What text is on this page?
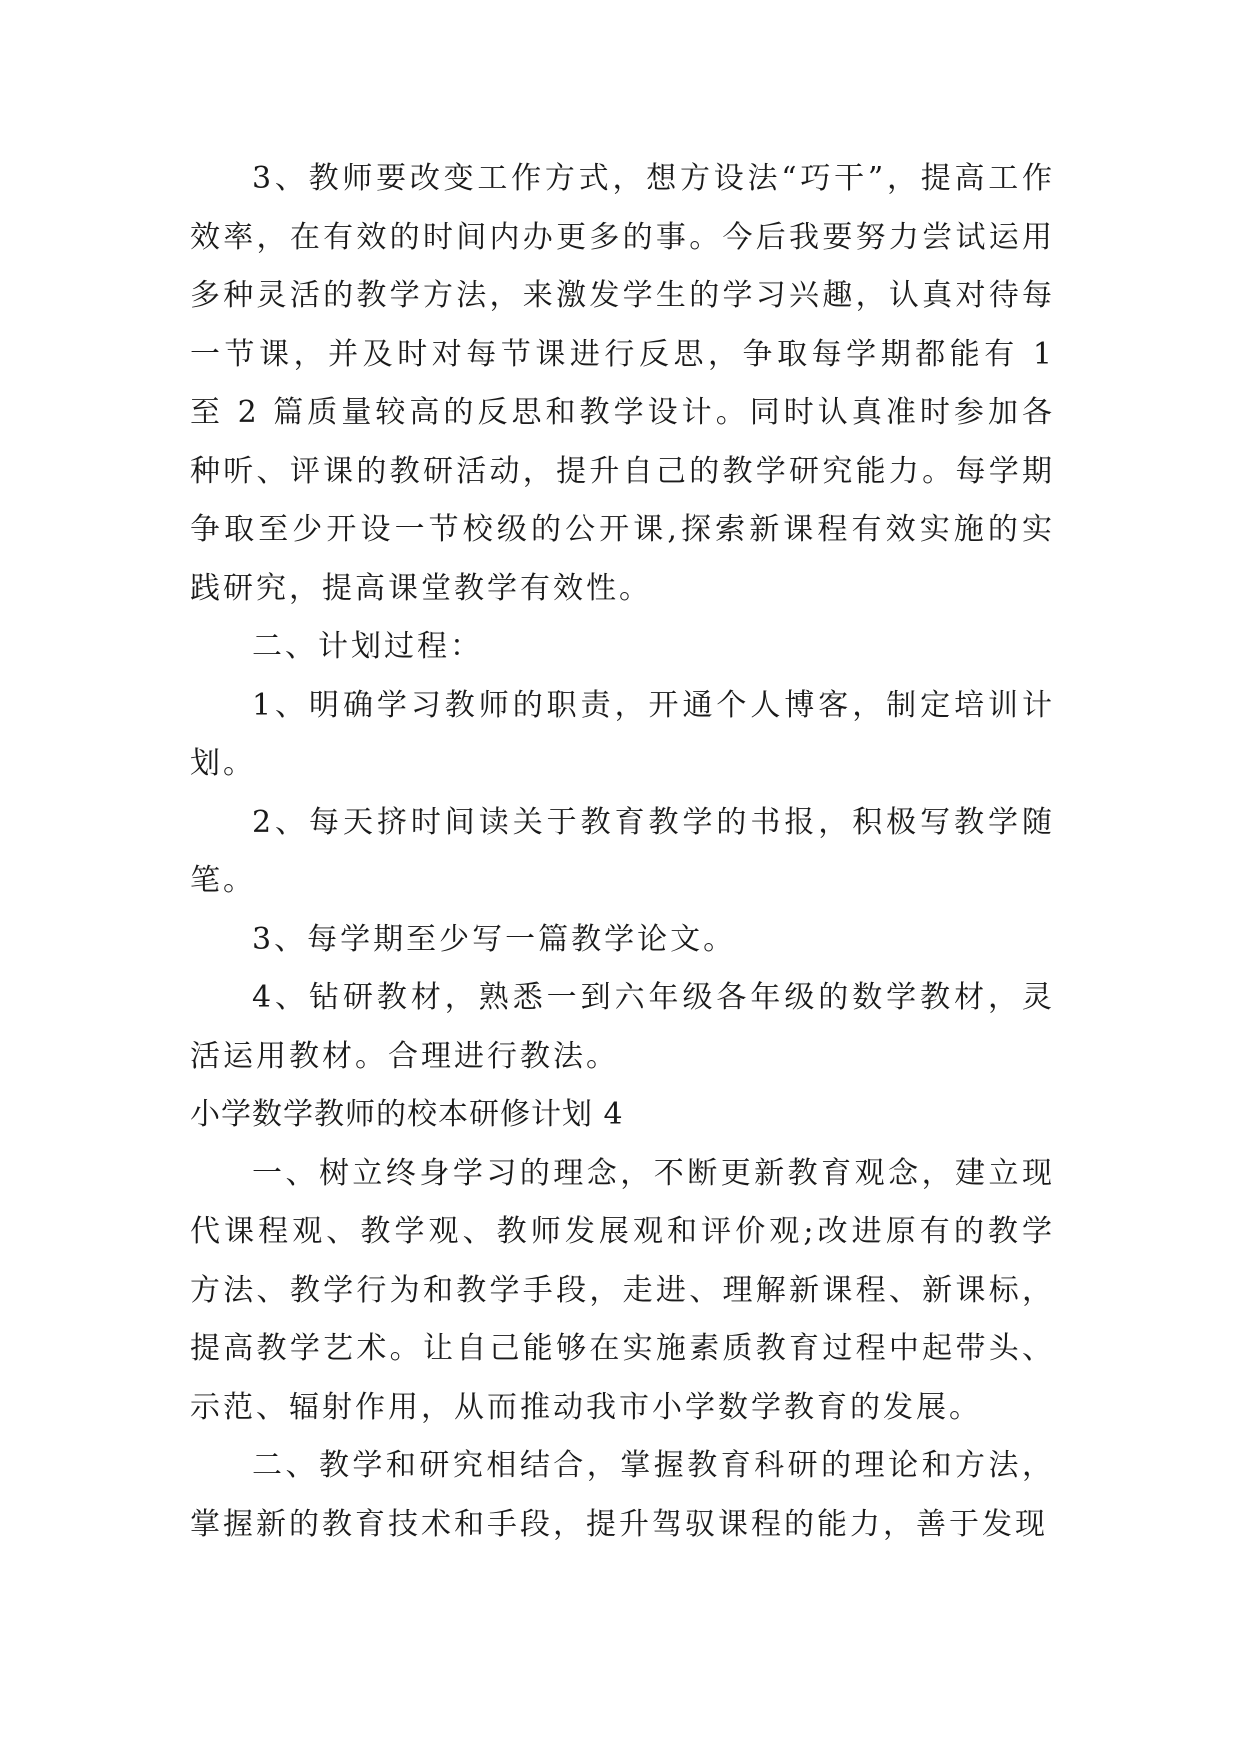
3、教师要改变工作方式，想方设法“巧干”，提高工作效率，在有效的时间内办更多的事。今后我要努力尝试运用多种灵活的教学方法，来激发学生的学习兴趣，认真对待每一节课，并及时对每节课进行反思，争取每学期都能有 1 至 2 篇质量较高的反思和教学设计。同时认真准时参加各种听、评课的教研活动，提升自己的教学研究能力。每学期争取至少开设一节校级的公开课,探索新课程有效实施的实践研究，提高课堂教学有效性。

二、计划过程：

1、明确学习教师的职责，开通个人博客，制定培训计划。

2、每天挤时间读关于教育教学的书报，积极写教学随笔。

3、每学期至少写一篇教学论文。

4、钻研教材，熟悉一到六年级各年级的数学教材，灵活运用教材。合理进行教法。

小学数学教师的校本研修计划 4

一、树立终身学习的理念，不断更新教育观念，建立现代课程观、教学观、教师发展观和评价观;改进原有的教学方法、教学行为和教学手段，走进、理解新课程、新课标，提高教学艺术。让自己能够在实施素质教育过程中起带头、示范、辐射作用，从而推动我市小学数学教育的发展。

二、教学和研究相结合，掌握教育科研的理论和方法，掌握新的教育技术和手段，提升驾驭课程的能力，善于发现
